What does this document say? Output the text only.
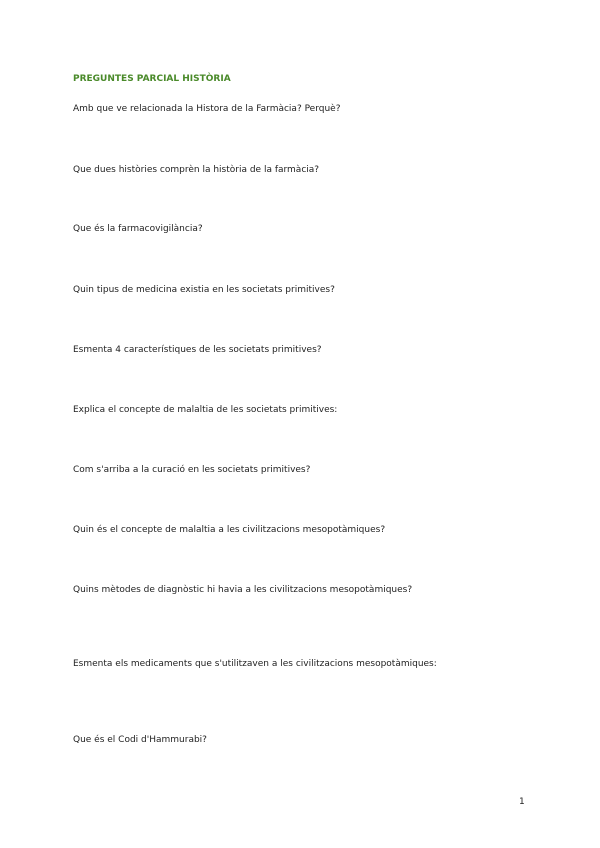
PREGUNTES PARCIAL HISTÒRIA
Amb que ve relacionada la Histora de la Farmàcia? Perquè?
Que dues històries comprèn la història de la farmàcia?
Que és la farmacovigilància?
Quin tipus de medicina existia en les societats primitives?
Esmenta 4 característiques de les societats primitives?
Explica el concepte de malaltia de les societats primitives:
Com s'arriba a la curació en les societats primitives?
Quin és el concepte de malaltia a les civilitzacions mesopotàmiques?
Quins mètodes de diagnòstic hi havia a les civilitzacions mesopotàmiques?
Esmenta els medicaments que s'utilitzaven a les civilitzacions mesopotàmiques:
Que és el Codi d'Hammurabi?
1
